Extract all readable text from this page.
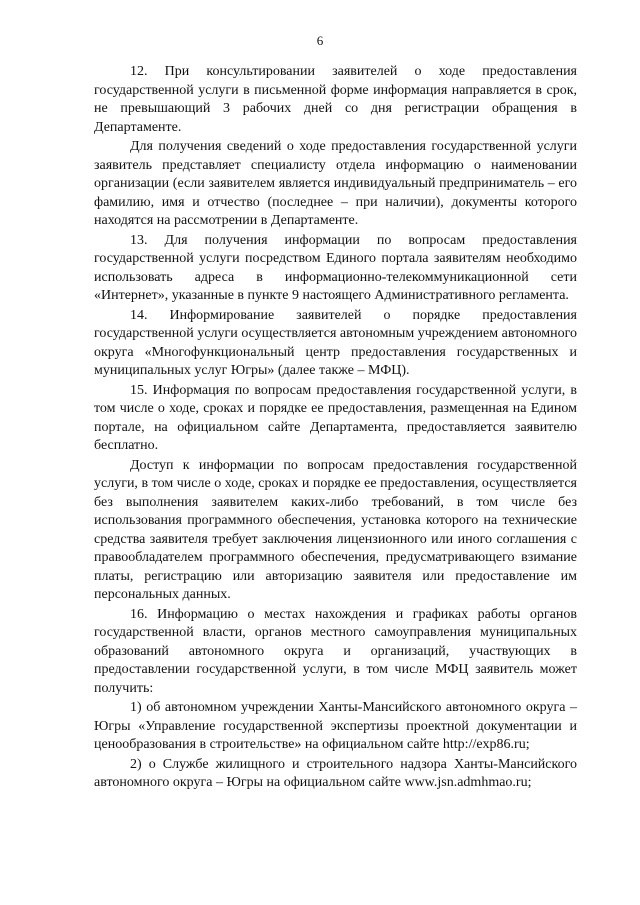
6

12. При консультировании заявителей о ходе предоставления государственной услуги в письменной форме информация направляется в срок, не превышающий 3 рабочих дней со дня регистрации обращения в Департаменте.

Для получения сведений о ходе предоставления государственной услуги заявитель представляет специалисту отдела информацию о наименовании организации (если заявителем является индивидуальный предприниматель – его фамилию, имя и отчество (последнее – при наличии), документы которого находятся на рассмотрении в Департаменте.

13. Для получения информации по вопросам предоставления государственной услуги посредством Единого портала заявителям необходимо использовать адреса в информационно-телекоммуникационной сети «Интернет», указанные в пункте 9 настоящего Административного регламента.

14. Информирование заявителей о порядке предоставления государственной услуги осуществляется автономным учреждением автономного округа «Многофункциональный центр предоставления государственных и муниципальных услуг Югры» (далее также – МФЦ).

15. Информация по вопросам предоставления государственной услуги, в том числе о ходе, сроках и порядке ее предоставления, размещенная на Едином портале, на официальном сайте Департамента, предоставляется заявителю бесплатно.

Доступ к информации по вопросам предоставления государственной услуги, в том числе о ходе, сроках и порядке ее предоставления, осуществляется без выполнения заявителем каких-либо требований, в том числе без использования программного обеспечения, установка которого на технические средства заявителя требует заключения лицензионного или иного соглашения с правообладателем программного обеспечения, предусматривающего взимание платы, регистрацию или авторизацию заявителя или предоставление им персональных данных.

16. Информацию о местах нахождения и графиках работы органов государственной власти, органов местного самоуправления муниципальных образований автономного округа и организаций, участвующих в предоставлении государственной услуги, в том числе МФЦ заявитель может получить:

1) об автономном учреждении Ханты-Мансийского автономного округа – Югры «Управление государственной экспертизы проектной документации и ценообразования в строительстве» на официальном сайте http://exp86.ru;

2) о Службе жилищного и строительного надзора Ханты-Мансийского автономного округа – Югры на официальном сайте www.jsn.admhmao.ru;
